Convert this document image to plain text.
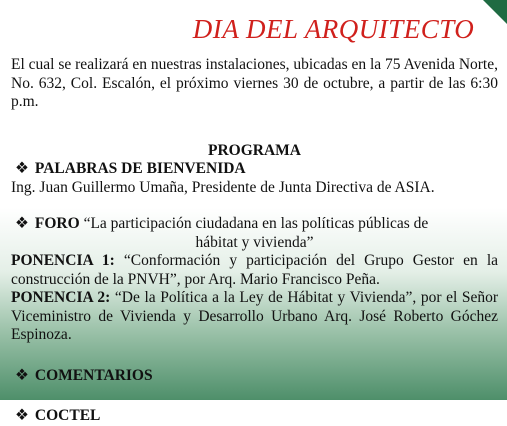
DIA DEL ARQUITECTO

El cual se realizará en nuestras instalaciones, ubicadas en la 75 Avenida Norte, No. 632, Col. Escalón, el próximo viernes 30 de octubre, a partir de las 6:30 p.m.

PROGRAMA

❖ PALABRAS DE BIENVENIDA

Ing. Juan Guillermo Umaña, Presidente de Junta Directiva de ASIA.

❖ FORO “La participación ciudadana en las políticas públicas de

hábitat y vivienda”

PONENCIA 1: “Conformación y participación del Grupo Gestor en la construcción de la PNVH”, por Arq. Mario Francisco Peña.

PONENCIA 2: “De la Política a la Ley de Hábitat y Vivienda”, por el Señor Viceministro de Vivienda y Desarrollo Urbano Arq. José Roberto Góchez Espinoza.

❖ COMENTARIOS

❖ COCTEL
